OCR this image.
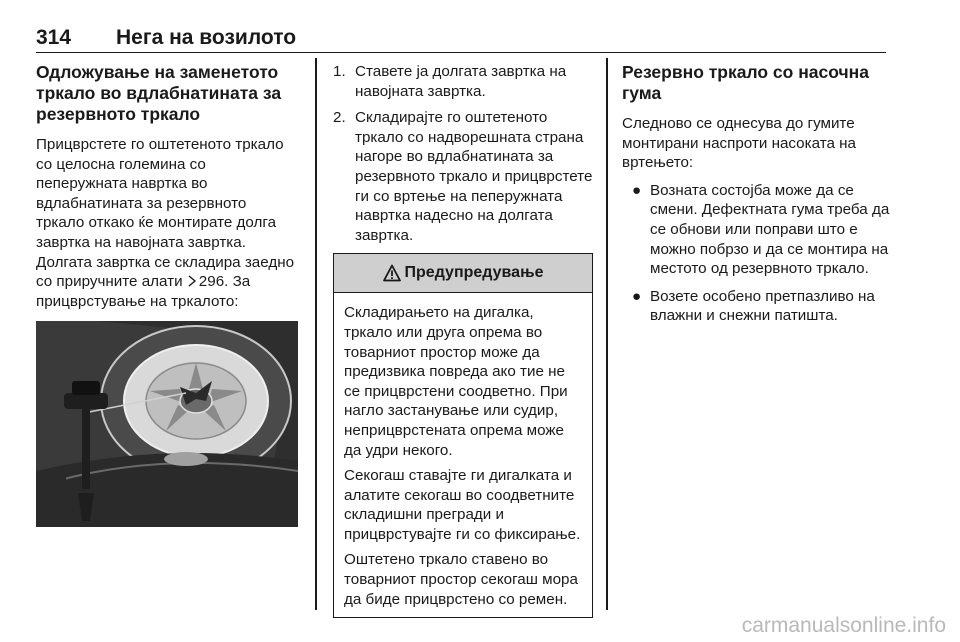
314 Нега на возилото
Одложување на заменетото тркало во вдлабнатината за резервното тркало

Прицврстете го оштетеното тркало со целосна големина со пеперужната навртка во вдлабнатината за резервното тркало откако ќе монтирате долга завртка на навојната завртка. Долгата завртка се складира заедно со приручните алати 296. За прицврстување на тркалото:

1. Ставете ја долгата завртка на навојната завртка.
2. Складирајте го оштетеното тркало со надворешната страна нагоре во вдлабнатината за резервното тркало и прицврстете ги со вртење на пеперужната навртка надесно на долгата завртка.
Предупредување

Складирањето на дигалка, тркало или друга опрема во товарниот простор може да предизвика повреда ако тие не се прицврстени соодветно. При нагло застанување или судир, неприцврстената опрема може да удри некого.

Секогаш ставајте ги дигалката и алатите секогаш во соодветните складишни прегради и прицврстувајте ги со фиксирање.

Оштетено тркало ставено во товарниот простор секогаш мора да биде прицврстено со ремен.

Резервно тркало со насочна гума

Следново се однесува до гумите монтирани наспроти насоката на вртењето:

● Возната состојба може да се смени. Дефектната гума треба да се обнови или поправи што е можно побрзо и да се монтира на местото од резервното тркало.
● Возете особено претпазливо на влажни и снежни патишта.
carmanualsonline.info
